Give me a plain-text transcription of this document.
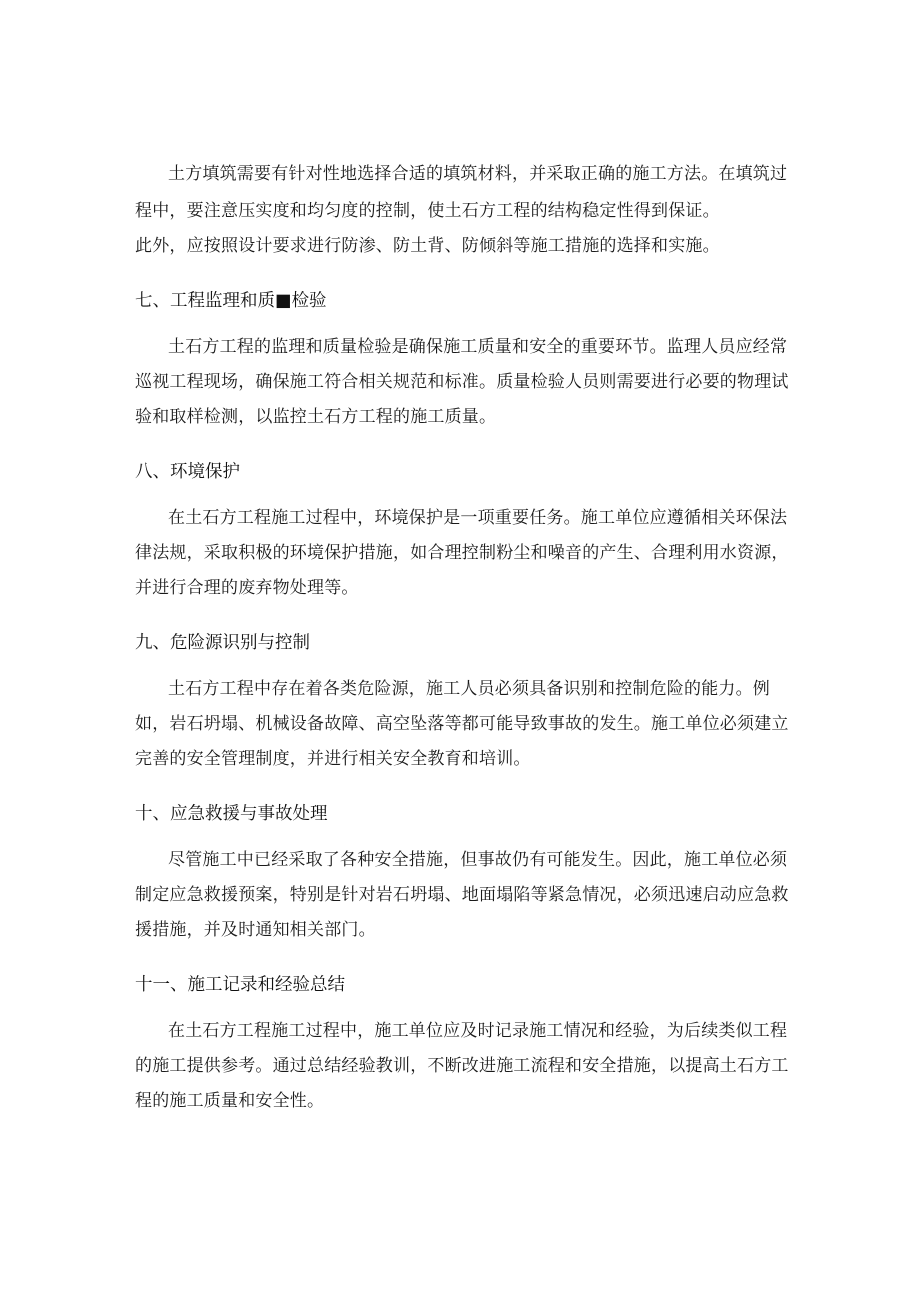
土方填筑需要有针对性地选择合适的填筑材料，并采取正确的施工方法。在填筑过
程中，要注意压实度和均匀度的控制，使土石方工程的结构稳定性得到保证。
此外，应按照设计要求进行防渗、防土背、防倾斜等施工措施的选择和实施。
七、工程监理和质■检验
土石方工程的监理和质量检验是确保施工质量和安全的重要环节。监理人员应经常
巡视工程现场，确保施工符合相关规范和标准。质量检验人员则需要进行必要的物理试
验和取样检测，以监控土石方工程的施工质量。
八、环境保护
在土石方工程施工过程中，环境保护是一项重要任务。施工单位应遵循相关环保法
律法规，采取积极的环境保护措施，如合理控制粉尘和噪音的产生、合理利用水资源，
并进行合理的废弃物处理等。
九、危险源识别与控制
土石方工程中存在着各类危险源，施工人员必须具备识别和控制危险的能力。例
如，岩石坍塌、机械设备故障、高空坠落等都可能导致事故的发生。施工单位必须建立
完善的安全管理制度，并进行相关安全教育和培训。
十、应急救援与事故处理
尽管施工中已经采取了各种安全措施，但事故仍有可能发生。因此，施工单位必须
制定应急救援预案，特别是针对岩石坍塌、地面塌陷等紧急情况，必须迅速启动应急救
援措施，并及时通知相关部门。
十一、施工记录和经验总结
在土石方工程施工过程中，施工单位应及时记录施工情况和经验，为后续类似工程
的施工提供参考。通过总结经验教训，不断改进施工流程和安全措施，以提高土石方工
程的施工质量和安全性。
